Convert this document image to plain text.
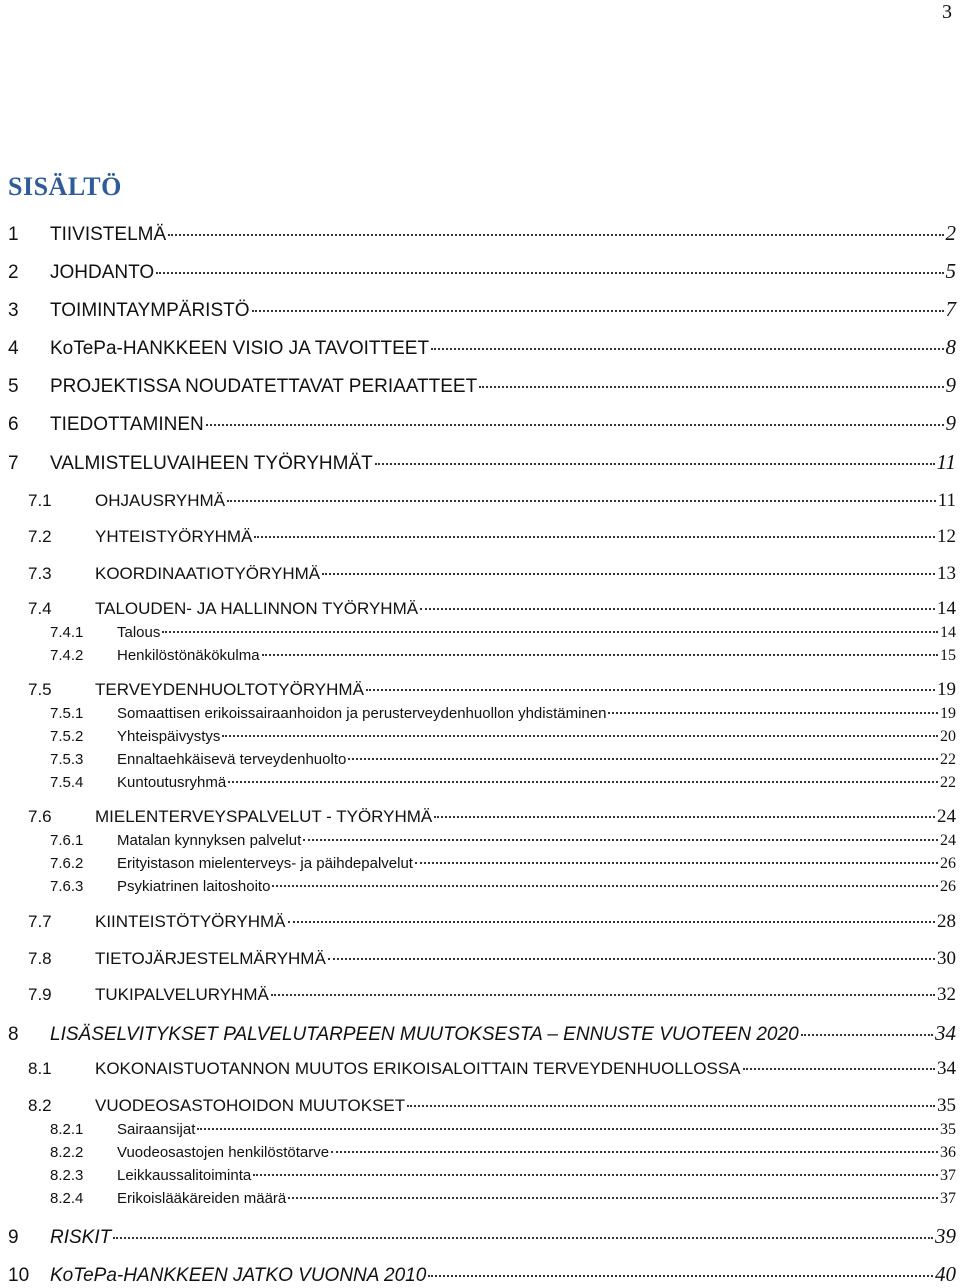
3
SISÄLTÖ
1	TIIVISTELMÄ	2
2	JOHDANTO	5
3	TOIMINTAYMPÄRISTÖ	7
4	KoTePa-HANKKEEN VISIO JA TAVOITTEET	8
5	PROJEKTISSA NOUDATETTAVAT PERIAATTEET	9
6	TIEDOTTAMINEN	9
7	VALMISTELUVAIHEEN TYÖRYHMÄT	11
7.1	OHJAUSRYHMÄ	11
7.2	YHTEISTYÖRYHMÄ	12
7.3	KOORDINAATIOTYÖRYHMÄ	13
7.4	TALOUDEN- JA HALLINNON TYÖRYHMÄ	14
7.4.1	Talous	14
7.4.2	Henkilöstönäkökulma	15
7.5	TERVEYDENHUOLTOTYÖRYHMÄ	19
7.5.1	Somaattisen erikoissairaanhoidon ja perusterveydenhuollon yhdistäminen	19
7.5.2	Yhteispäivystys	20
7.5.3	Ennaltaehkäisevä terveydenhuolto	22
7.5.4	Kuntoutusryhmä	22
7.6	MIELENTERVEYSPALVELUT - TYÖRYHMÄ	24
7.6.1	Matalan kynnyksen palvelut	24
7.6.2	Erityistason mielenterveys- ja päihdepalvelut	26
7.6.3	Psykiatrinen laitoshoito	26
7.7	KIINTEISTÖTYÖRYHMÄ	28
7.8	TIETOJÄRJESTELMÄRYHMÄ	30
7.9	TUKIPALVELURYHMÄ	32
8	LISÄSELVITYKSET PALVELUTARPEEN MUUTOKSESTA – ENNUSTE VUOTEEN 2020	34
8.1	KOKONAISTUOTANNON MUUTOS ERIKOISALOITTAIN TERVEYDENHUOLLOSSA	34
8.2	VUODEOSASTOHOIDON MUUTOKSET	35
8.2.1	Sairaansijat	35
8.2.2	Vuodeosastojen henkilöstötarve	36
8.2.3	Leikkaussalitoiminta	37
8.2.4	Erikoislääkäreiden määrä	37
9	RISKIT	39
10	KoTePa-HANKKEEN JATKO VUONNA 2010	40
